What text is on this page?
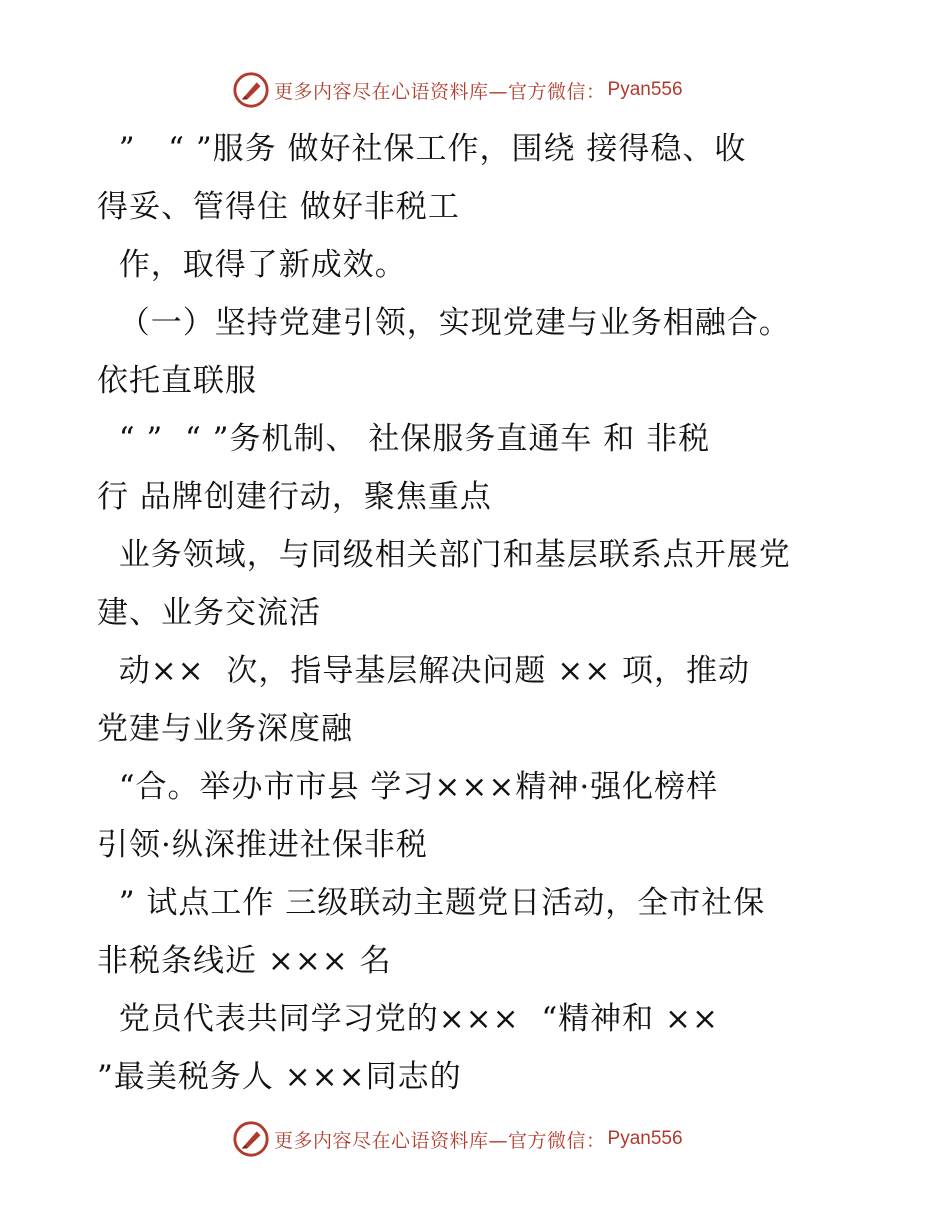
更多内容尽在心语资料库—官方微信： Pyan556
”   “ ”服务 做好社保工作，围绕 接得稳、收
得妥、管得住 做好非税工
作，取得了新成效。
（一）坚持党建引领，实现党建与业务相融合。
依托直联服
“ ”  “ ”务机制、 社保服务直通车 和 非税
行 品牌创建行动，聚焦重点
业务领域，与同级相关部门和基层联系点开展党
建、业务交流活
动××  次，指导基层解决问题 ×× 项，推动
党建与业务深度融
“合。举办市市县 学习×××精神·强化榜样
引领·纵深推进社保非税
” 试点工作 三级联动主题党日活动，全市社保
非税条线近 ××× 名
党员代表共同学习党的×××  “精神和 ××
”最美税务人 ×××同志的
更多内容尽在心语资料库—官方微信： Pyan556
